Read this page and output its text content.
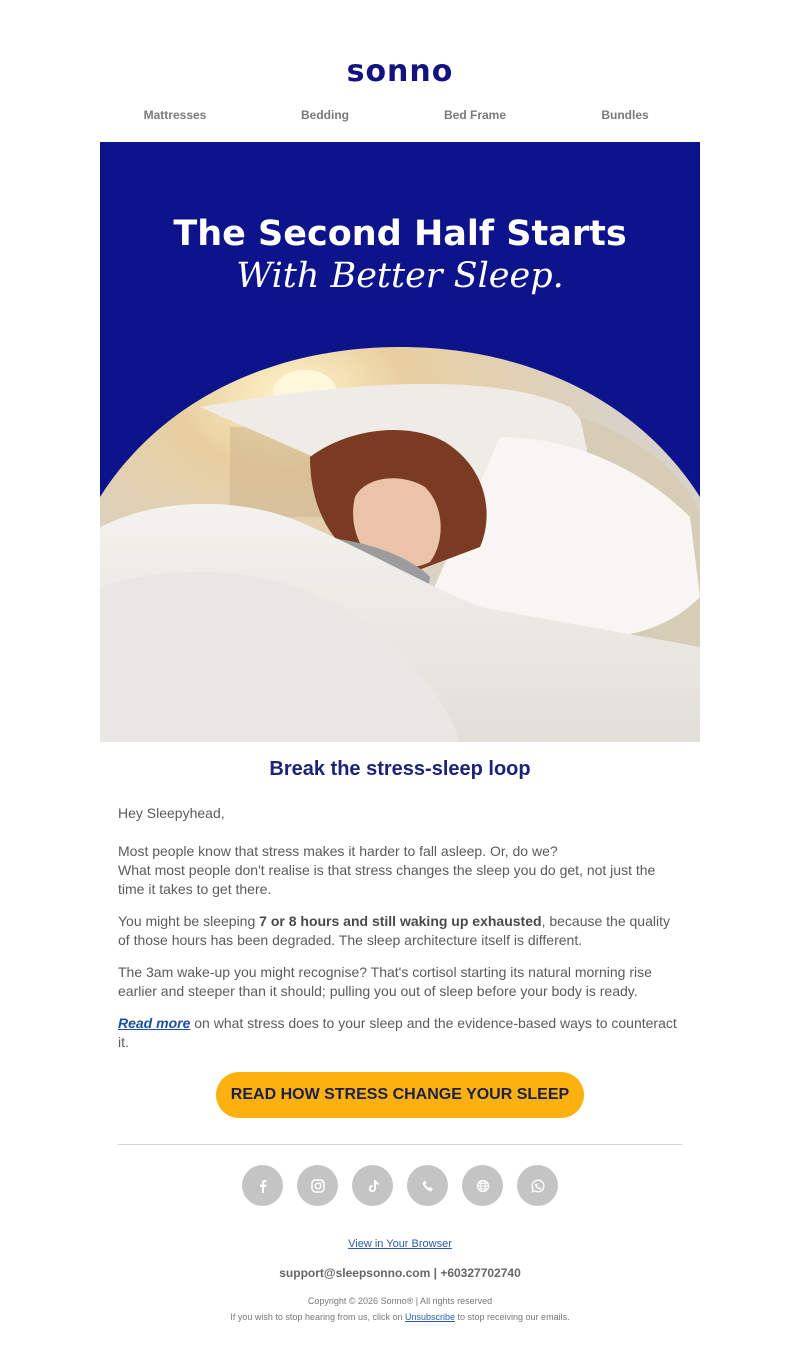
sonno
Mattresses	Bedding	Bed Frame	Bundles
The Second Half Starts
With Better Sleep.
Break the stress-sleep loop

Hey Sleepyhead,

Most people know that stress makes it harder to fall asleep. Or, do we?
What most people don't realise is that stress changes the sleep you do get, not just the time it takes to get there.

You might be sleeping 7 or 8 hours and still waking up exhausted, because the quality of those hours has been degraded. The sleep architecture itself is different.

The 3am wake-up you might recognise? That's cortisol starting its natural morning rise earlier and steeper than it should; pulling you out of sleep before your body is ready.

Read more on what stress does to your sleep and the evidence-based ways to counteract it.

READ HOW STRESS CHANGE YOUR SLEEP
View in Your Browser
support@sleepsonno.com | +60327702740
Copyright © 2026 Sonno® | All rights reserved
If you wish to stop hearing from us, click on Unsubscribe to stop receiving our emails.
